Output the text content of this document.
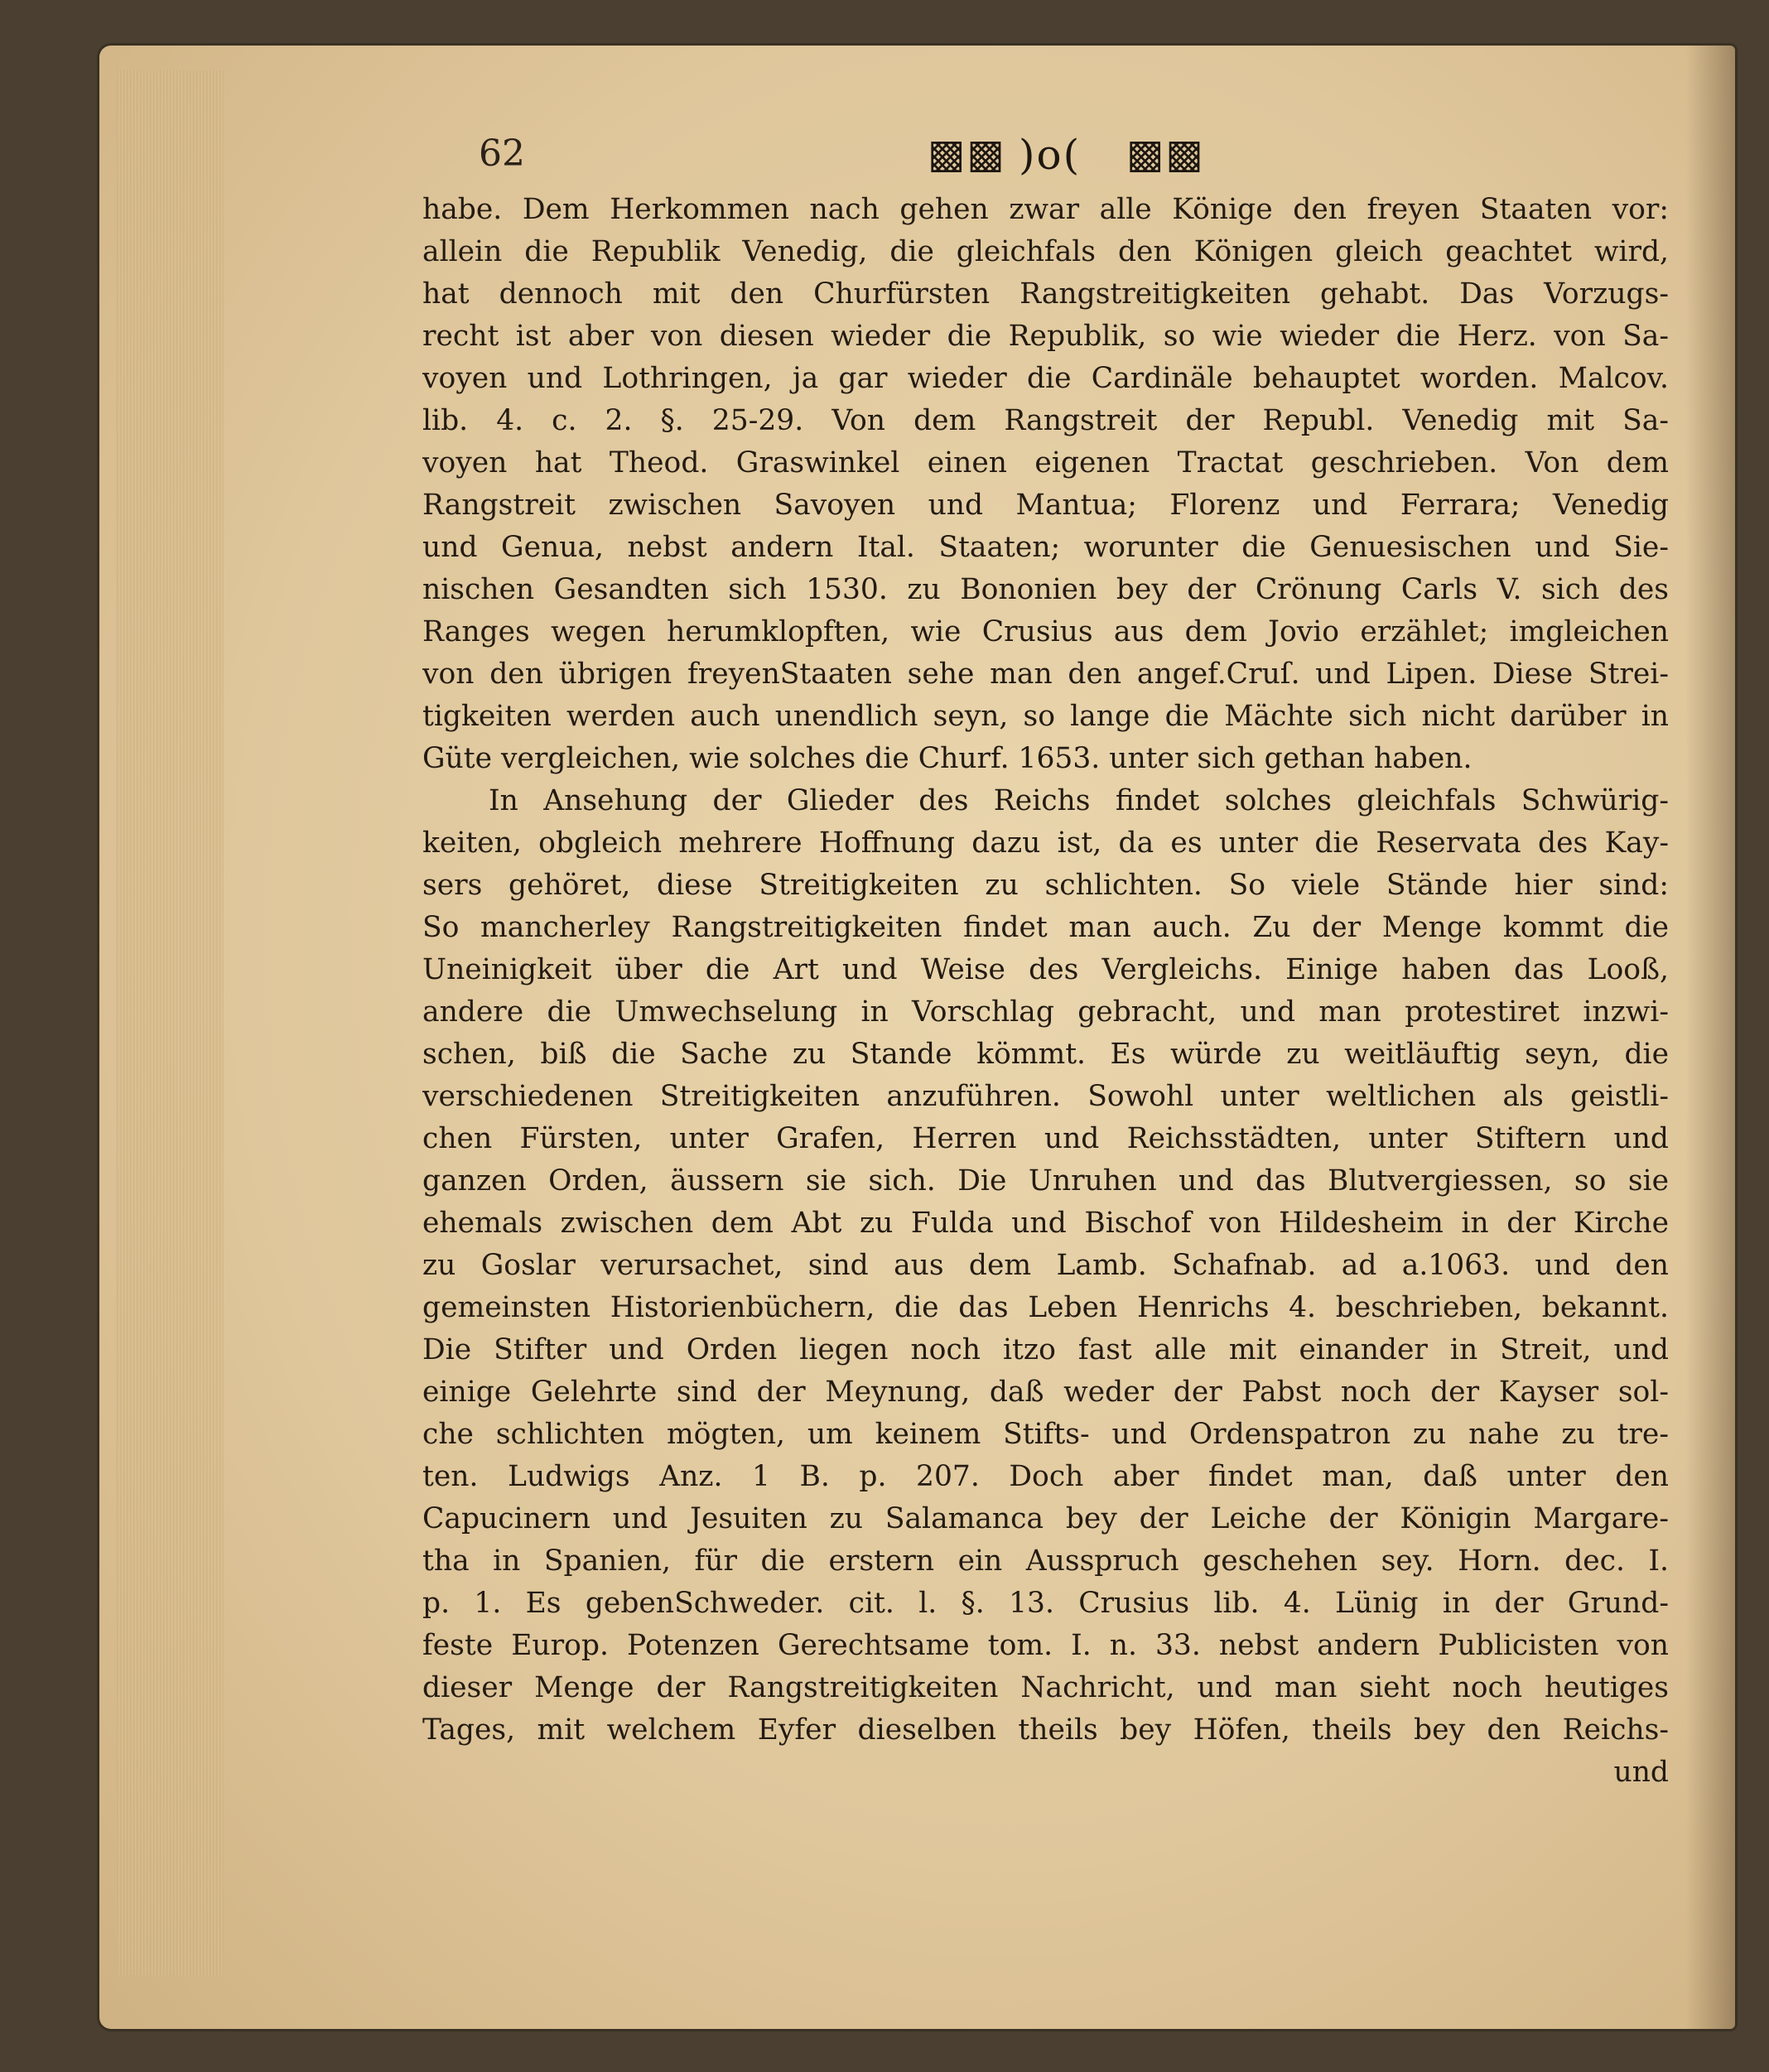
62	▩▩ )o( ▩▩
habe. Dem Herkommen nach gehen zwar alle Könige den freyen Staaten vor:
allein die Republik Venedig, die gleichfals den Königen gleich geachtet wird,
hat dennoch mit den Churfürsten Rangstreitigkeiten gehabt. Das Vorzugs-
recht ist aber von diesen wieder die Republik, so wie wieder die Herz. von Sa-
voyen und Lothringen, ja gar wieder die Cardinäle behauptet worden. Malcov.
lib. 4. c. 2. §. 25-29. Von dem Rangstreit der Republ. Venedig mit Sa-
voyen hat Theod. Graswinkel einen eigenen Tractat geschrieben. Von dem
Rangstreit zwischen Savoyen und Mantua; Florenz und Ferrara; Venedig
und Genua, nebst andern Ital. Staaten; worunter die Genuesischen und Sie-
nischen Gesandten sich 1530. zu Bononien bey der Crönung Carls V. sich des
Ranges wegen herumklopften, wie Crusius aus dem Jovio erzählet; imgleichen
von den übrigen freyenStaaten sehe man den angef.Cruſ. und Lipen. Diese Strei-
tigkeiten werden auch unendlich seyn, so lange die Mächte sich nicht darüber in
Güte vergleichen, wie solches die Churf. 1653. unter sich gethan haben.
In Ansehung der Glieder des Reichs findet solches gleichfals Schwürig-
keiten, obgleich mehrere Hoffnung dazu ist, da es unter die Reservata des Kay-
sers gehöret, diese Streitigkeiten zu schlichten. So viele Stände hier sind:
So mancherley Rangstreitigkeiten findet man auch. Zu der Menge kommt die
Uneinigkeit über die Art und Weise des Vergleichs. Einige haben das Looß,
andere die Umwechselung in Vorschlag gebracht, und man protestiret inzwi-
schen, biß die Sache zu Stande kömmt. Es würde zu weitläuftig seyn, die
verschiedenen Streitigkeiten anzuführen. Sowohl unter weltlichen als geistli-
chen Fürsten, unter Grafen, Herren und Reichsstädten, unter Stiftern und
ganzen Orden, äussern sie sich. Die Unruhen und das Blutvergiessen, so sie
ehemals zwischen dem Abt zu Fulda und Bischof von Hildesheim in der Kirche
zu Goslar verursachet, sind aus dem Lamb. Schafnab. ad a.1063. und den
gemeinsten Historienbüchern, die das Leben Henrichs 4. beschrieben, bekannt.
Die Stifter und Orden liegen noch itzo fast alle mit einander in Streit, und
einige Gelehrte sind der Meynung, daß weder der Pabst noch der Kayser sol-
che schlichten mögten, um keinem Stifts- und Ordenspatron zu nahe zu tre-
ten. Ludwigs Anz. 1 B. p. 207. Doch aber findet man, daß unter den
Capucinern und Jesuiten zu Salamanca bey der Leiche der Königin Margare-
tha in Spanien, für die erstern ein Ausspruch geschehen sey. Horn. dec. I.
p. 1. Es gebenSchweder. cit. l. §. 13. Crusius lib. 4. Lünig in der Grund-
feste Europ. Potenzen Gerechtsame tom. I. n. 33. nebst andern Publicisten von
dieser Menge der Rangstreitigkeiten Nachricht, und man sieht noch heutiges
Tages, mit welchem Eyfer dieselben theils bey Höfen, theils bey den Reichs-
und
